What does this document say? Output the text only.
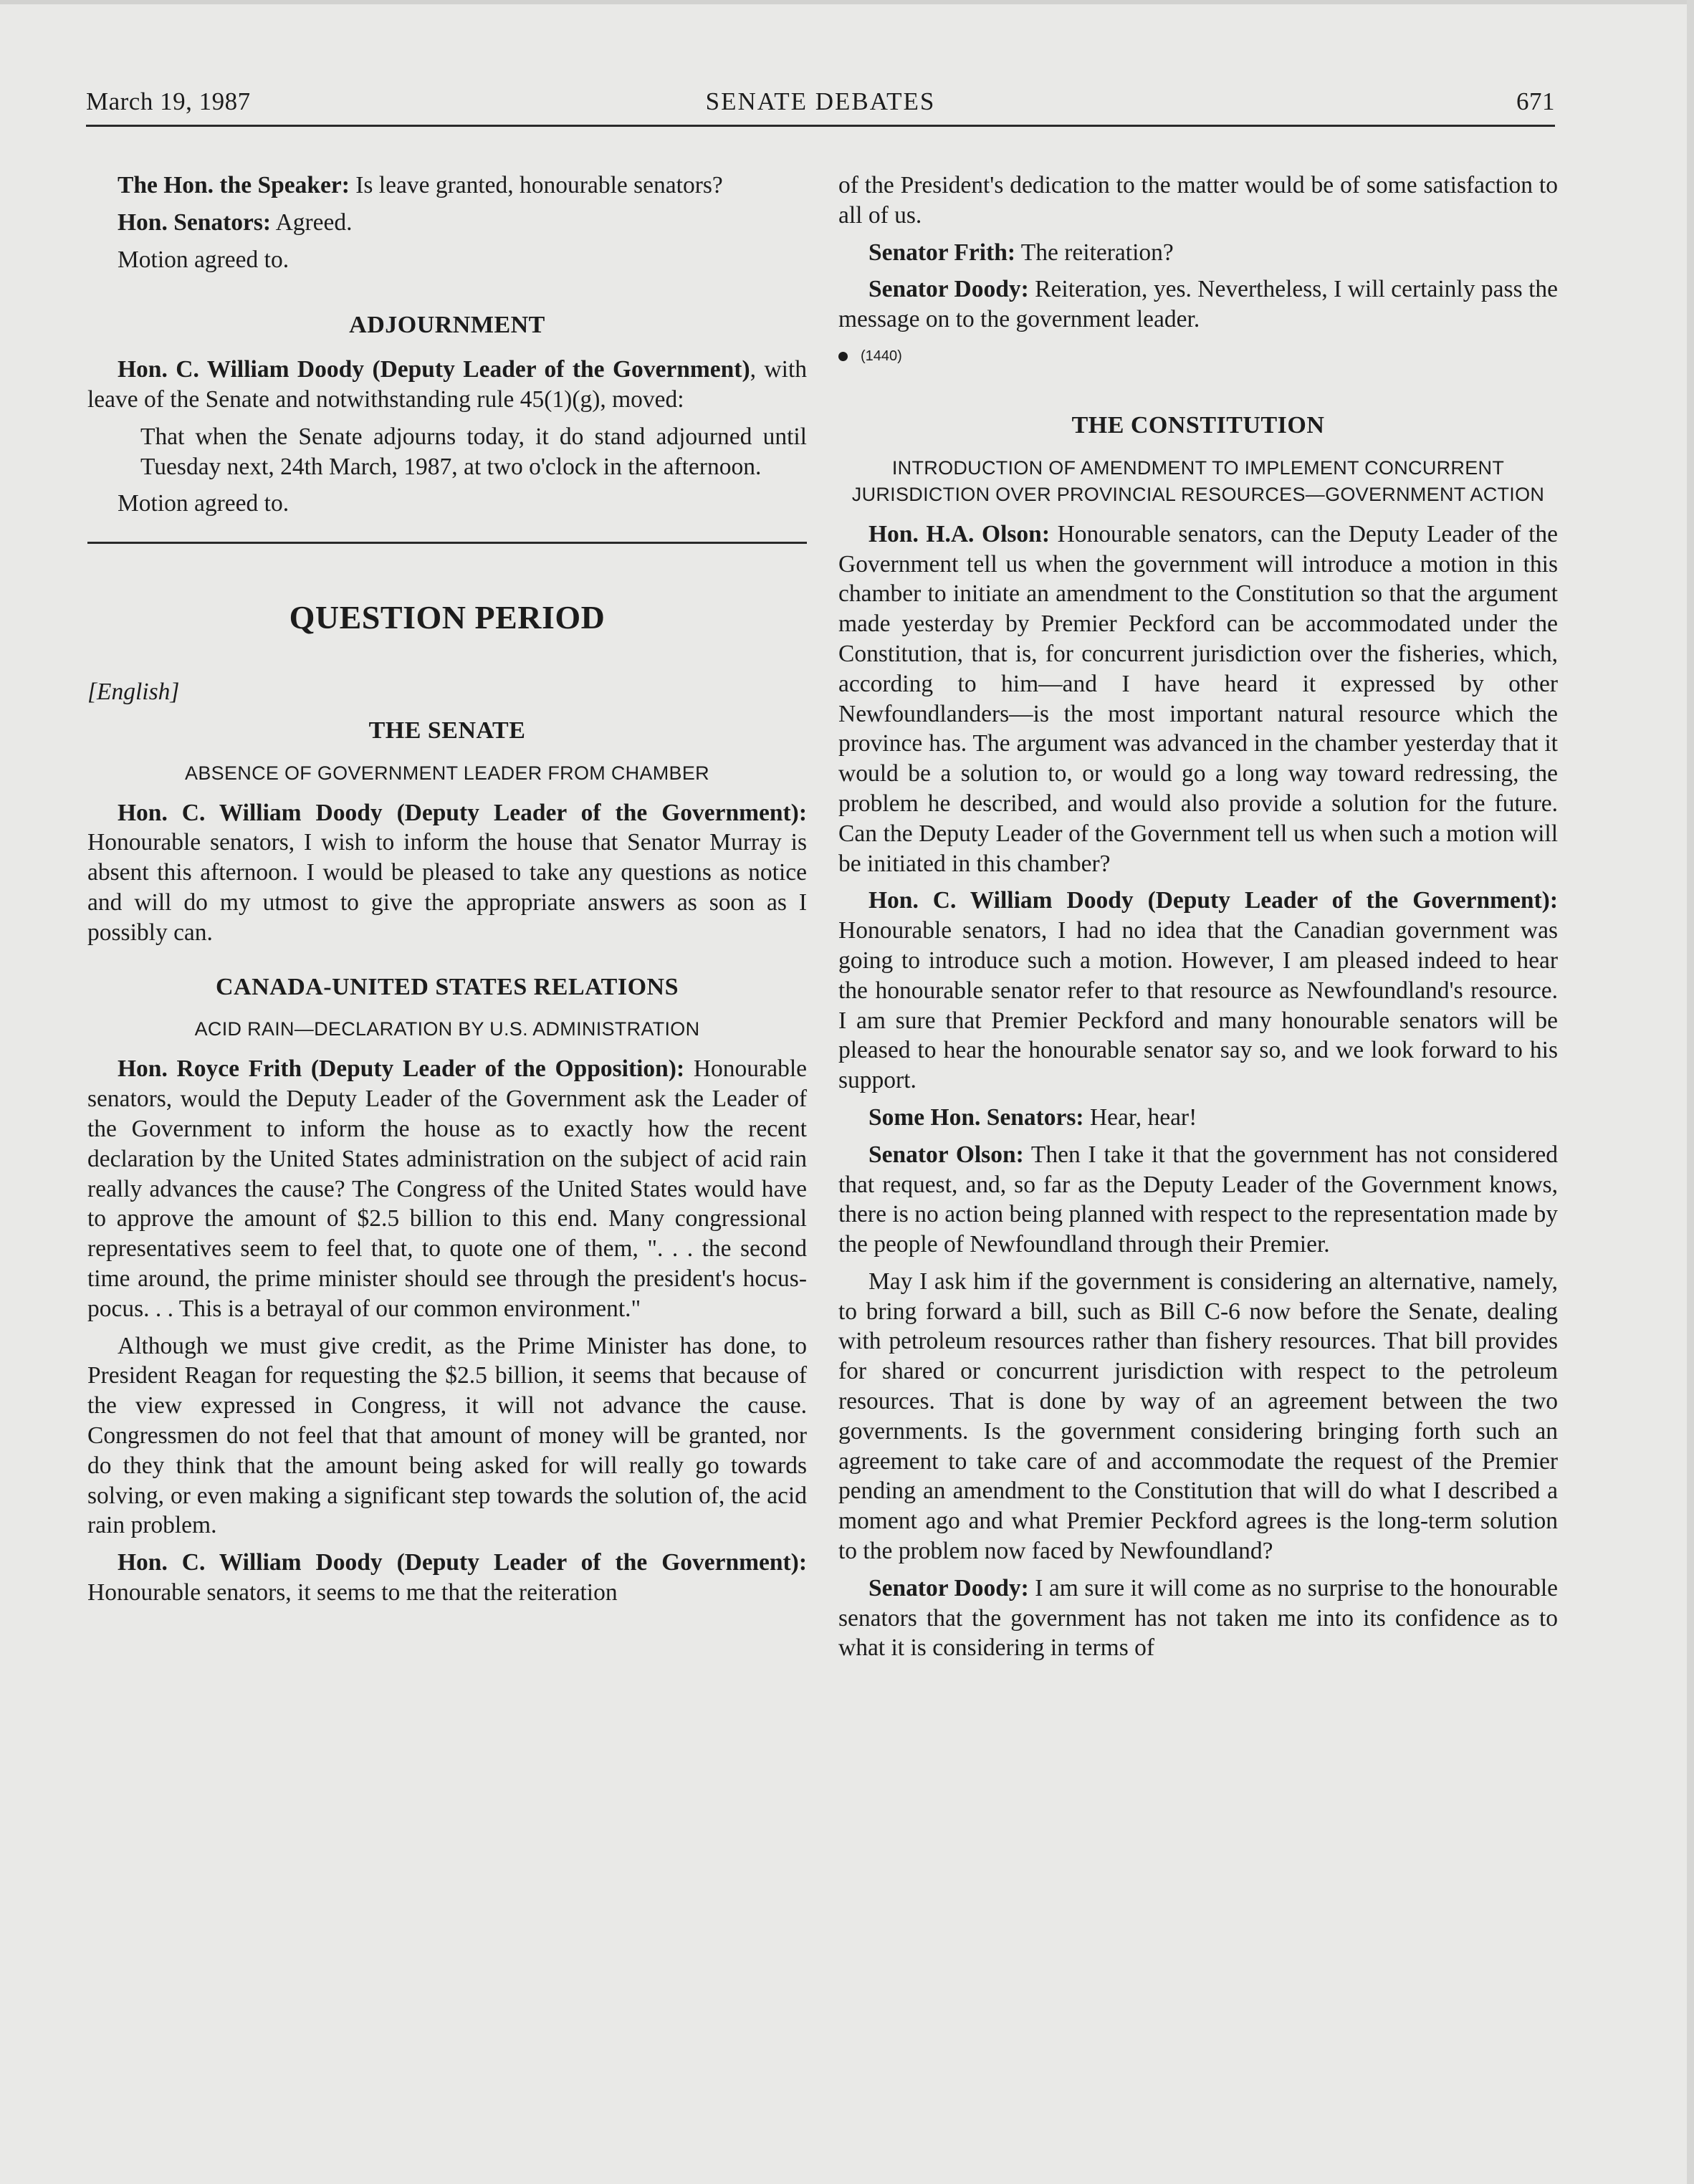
March 19, 1987	SENATE DEBATES	671

The Hon. the Speaker: Is leave granted, honourable senators?

Hon. Senators: Agreed.

Motion agreed to.

ADJOURNMENT

Hon. C. William Doody (Deputy Leader of the Government), with leave of the Senate and notwithstanding rule 45(1)(g), moved:

That when the Senate adjourns today, it do stand adjourned until Tuesday next, 24th March, 1987, at two o'clock in the afternoon.

Motion agreed to.

QUESTION PERIOD
[English]
THE SENATE
ABSENCE OF GOVERNMENT LEADER FROM CHAMBER

Hon. C. William Doody (Deputy Leader of the Government): Honourable senators, I wish to inform the house that Senator Murray is absent this afternoon. I would be pleased to take any questions as notice and will do my utmost to give the appropriate answers as soon as I possibly can.

CANADA-UNITED STATES RELATIONS
ACID RAIN—DECLARATION BY U.S. ADMINISTRATION

Hon. Royce Frith (Deputy Leader of the Opposition): Honourable senators, would the Deputy Leader of the Government ask the Leader of the Government to inform the house as to exactly how the recent declaration by the United States administration on the subject of acid rain really advances the cause? The Congress of the United States would have to approve the amount of $2.5 billion to this end. Many congressional representatives seem to feel that, to quote one of them, ". . . the second time around, the prime minister should see through the president's hocus-pocus. . . This is a betrayal of our common environment."

Although we must give credit, as the Prime Minister has done, to President Reagan for requesting the $2.5 billion, it seems that because of the view expressed in Congress, it will not advance the cause. Congressmen do not feel that that amount of money will be granted, nor do they think that the amount being asked for will really go towards solving, or even making a significant step towards the solution of, the acid rain problem.

Hon. C. William Doody (Deputy Leader of the Government): Honourable senators, it seems to me that the reiteration

of the President's dedication to the matter would be of some satisfaction to all of us.

Senator Frith: The reiteration?

Senator Doody: Reiteration, yes. Nevertheless, I will certainly pass the message on to the government leader.

(1440)
THE CONSTITUTION
INTRODUCTION OF AMENDMENT TO IMPLEMENT CONCURRENT JURISDICTION OVER PROVINCIAL RESOURCES—GOVERNMENT ACTION

Hon. H.A. Olson: Honourable senators, can the Deputy Leader of the Government tell us when the government will introduce a motion in this chamber to initiate an amendment to the Constitution so that the argument made yesterday by Premier Peckford can be accommodated under the Constitution, that is, for concurrent jurisdiction over the fisheries, which, according to him—and I have heard it expressed by other Newfoundlanders—is the most important natural resource which the province has. The argument was advanced in the chamber yesterday that it would be a solution to, or would go a long way toward redressing, the problem he described, and would also provide a solution for the future. Can the Deputy Leader of the Government tell us when such a motion will be initiated in this chamber?

Hon. C. William Doody (Deputy Leader of the Government): Honourable senators, I had no idea that the Canadian government was going to introduce such a motion. However, I am pleased indeed to hear the honourable senator refer to that resource as Newfoundland's resource. I am sure that Premier Peckford and many honourable senators will be pleased to hear the honourable senator say so, and we look forward to his support.

Some Hon. Senators: Hear, hear!

Senator Olson: Then I take it that the government has not considered that request, and, so far as the Deputy Leader of the Government knows, there is no action being planned with respect to the representation made by the people of Newfoundland through their Premier.

May I ask him if the government is considering an alternative, namely, to bring forward a bill, such as Bill C-6 now before the Senate, dealing with petroleum resources rather than fishery resources. That bill provides for shared or concurrent jurisdiction with respect to the petroleum resources. That is done by way of an agreement between the two governments. Is the government considering bringing forth such an agreement to take care of and accommodate the request of the Premier pending an amendment to the Constitution that will do what I described a moment ago and what Premier Peckford agrees is the long-term solution to the problem now faced by Newfoundland?

Senator Doody: I am sure it will come as no surprise to the honourable senators that the government has not taken me into its confidence as to what it is considering in terms of
